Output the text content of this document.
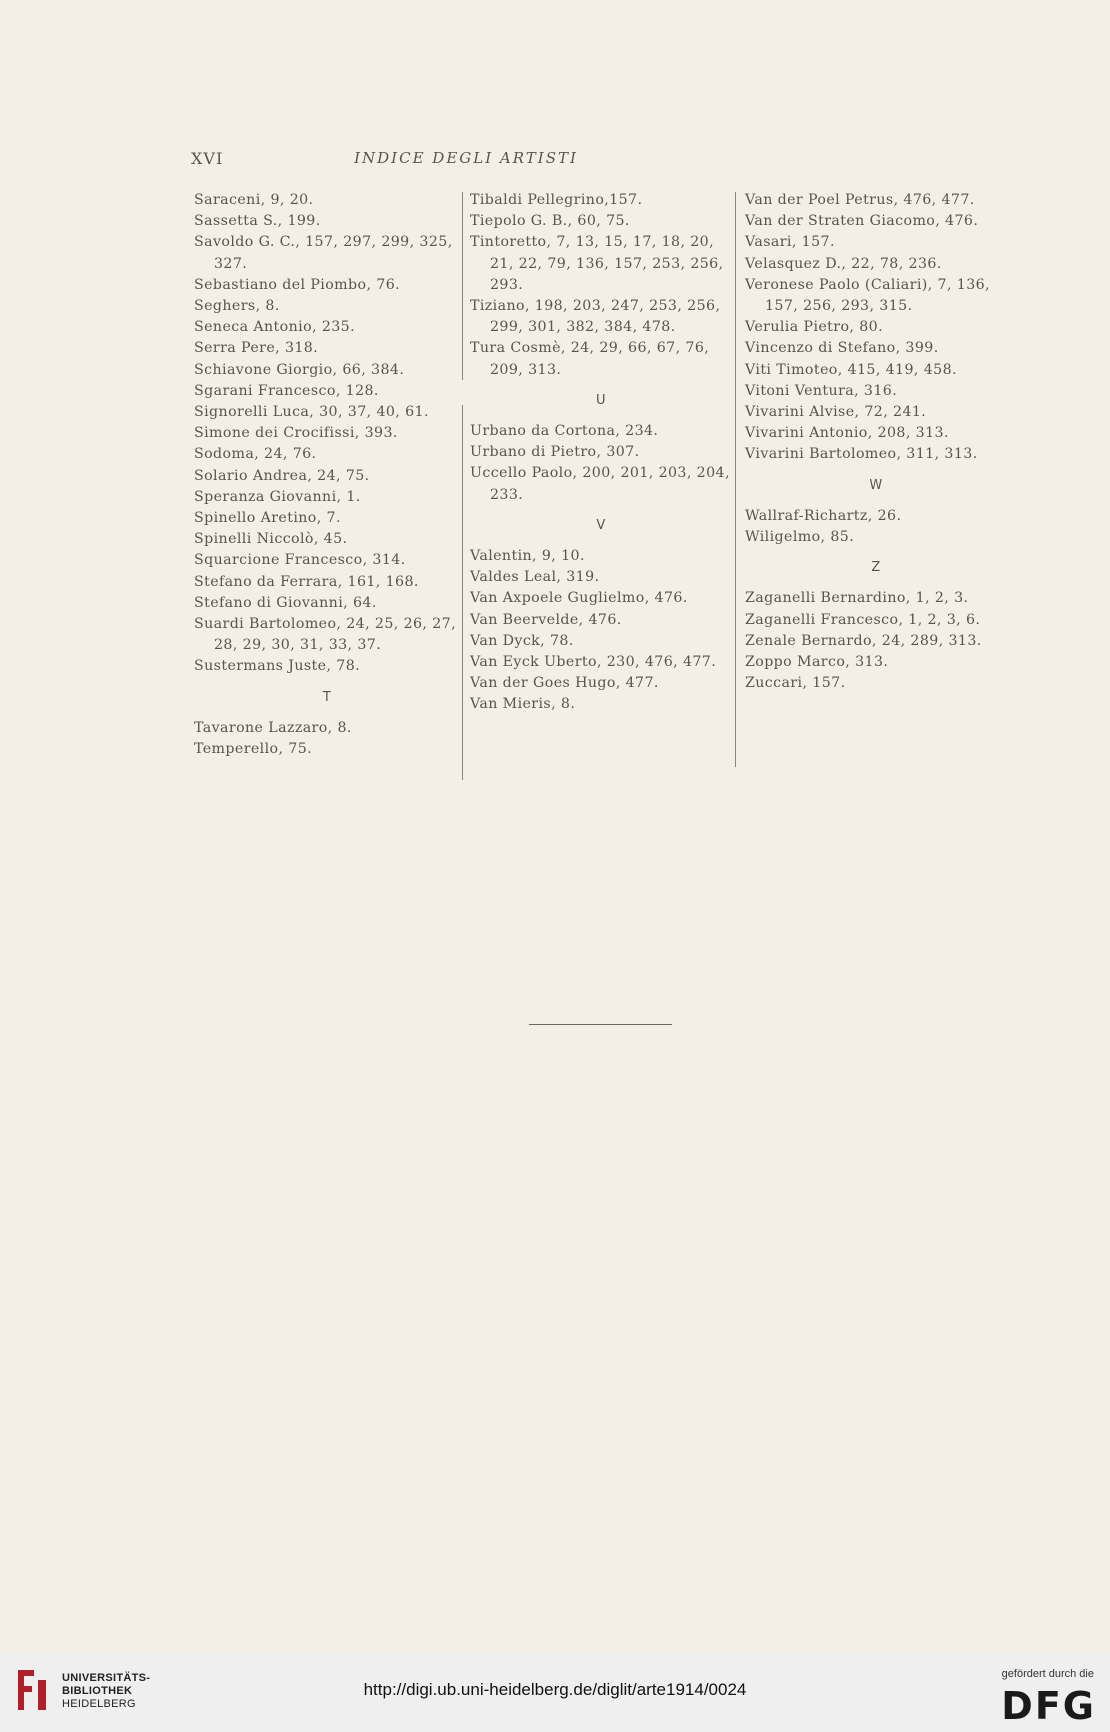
XVI	INDICE DEGLI ARTISTI
Saraceni, 9, 20.
Sassetta S., 199.
Savoldo G. C., 157, 297, 299, 325, 327.
Sebastiano del Piombo, 76.
Seghers, 8.
Seneca Antonio, 235.
Serra Pere, 318.
Schiavone Giorgio, 66, 384.
Sgarani Francesco, 128.
Signorelli Luca, 30, 37, 40, 61.
Simone dei Crocifissi, 393.
Sodoma, 24, 76.
Solario Andrea, 24, 75.
Speranza Giovanni, 1.
Spinello Aretino, 7.
Spinelli Niccolò, 45.
Squarcione Francesco, 314.
Stefano da Ferrara, 161, 168.
Stefano di Giovanni, 64.
Suardi Bartolomeo, 24, 25, 26, 27, 28, 29, 30, 31, 33, 37.
Sustermans Juste, 78.
T
Tavarone Lazzaro, 8.
Temperello, 75.
Tibaldi Pellegrino,157.
Tiepolo G. B., 60, 75.
Tintoretto, 7, 13, 15, 17, 18, 20, 21, 22, 79, 136, 157, 253, 256, 293.
Tiziano, 198, 203, 247, 253, 256, 299, 301, 382, 384, 478.
Tura Cosmè, 24, 29, 66, 67, 76, 209, 313.
U
Urbano da Cortona, 234.
Urbano di Pietro, 307.
Uccello Paolo, 200, 201, 203, 204, 233.
V
Valentin, 9, 10.
Valdes Leal, 319.
Van Axpoele Guglielmo, 476.
Van Beervelde, 476.
Van Dyck, 78.
Van Eyck Uberto, 230, 476, 477.
Van der Goes Hugo, 477.
Van Mieris, 8.
Van der Poel Petrus, 476, 477.
Van der Straten Giacomo, 476.
Vasari, 157.
Velasquez D., 22, 78, 236.
Veronese Paolo (Caliari), 7, 136, 157, 256, 293, 315.
Verulia Pietro, 80.
Vincenzo di Stefano, 399.
Viti Timoteo, 415, 419, 458.
Vitoni Ventura, 316.
Vivarini Alvise, 72, 241.
Vivarini Antonio, 208, 313.
Vivarini Bartolomeo, 311, 313.
W
Wallraf-Richartz, 26.
Wiligelmo, 85.
Z
Zaganelli Bernardino, 1, 2, 3.
Zaganelli Francesco, 1, 2, 3, 6.
Zenale Bernardo, 24, 289, 313.
Zoppo Marco, 313.
Zuccari, 157.
UNIVERSITÄTS-
BIBLIOTHEK
HEIDELBERG
http://digi.ub.uni-heidelberg.de/diglit/arte1914/0024
gefördert durch die
DFG
